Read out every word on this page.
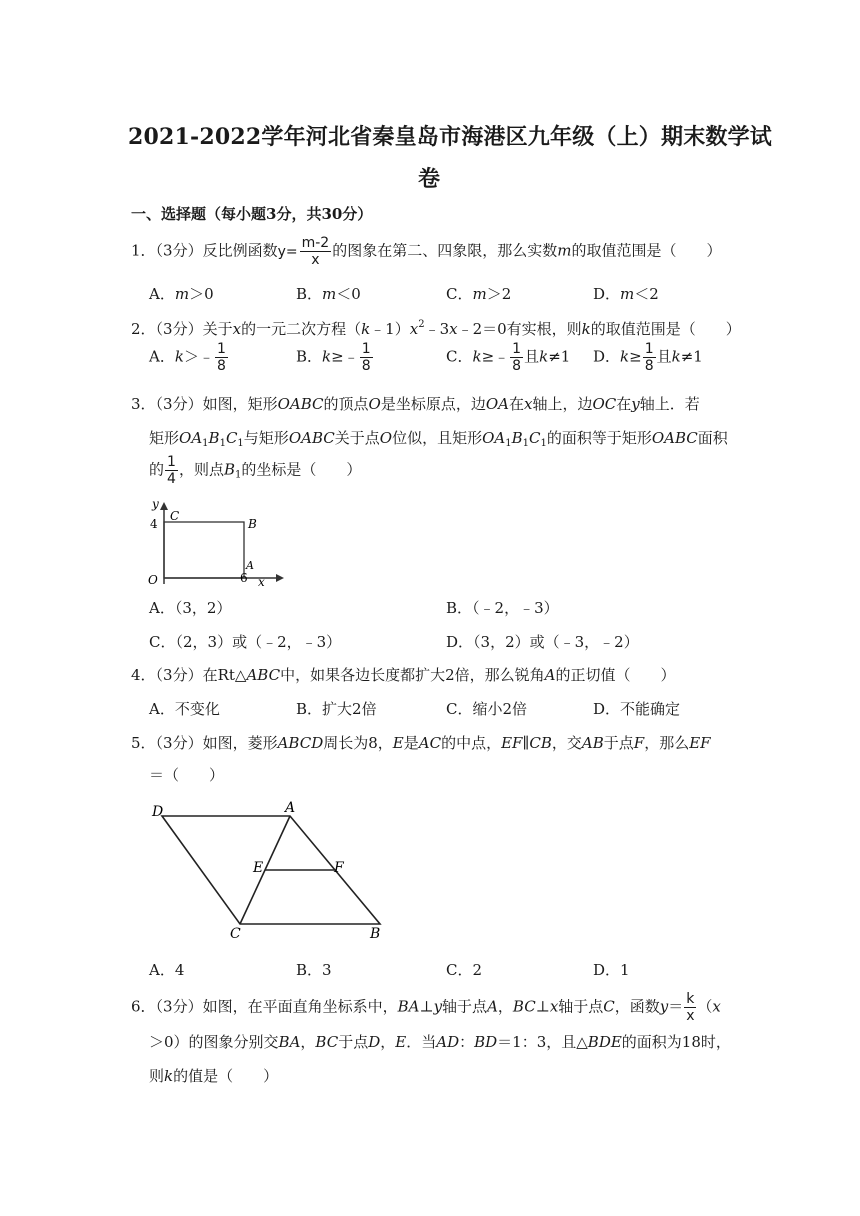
2021-2022学年河北省秦皇岛市海港区九年级（上）期末数学试
卷
一、选择题（每小题3分，共30分）
1．（3分）反比例函数$y= \frac{m-2}{x}$ 的图象在第二、四象限，那么实数m的取值范围是（　　）
A．m＞0	B．m＜0	C．m＞2	D．m＜2
2．（3分）关于x的一元二次方程$(k﹣1)x^2﹣3x﹣2=0$有实根，则k的取值范围是（　　）
A．k＞﹣ $\frac{1}{8}$	B．k≥﹣ $\frac{1}{8}$	C．k≥﹣ $\frac{1}{8}$ 且k≠1 D．$k\ge \frac{1}{8}$ 且k≠1
3．（3分）如图，矩形OABC的顶点O是坐标原点，边OA在x轴上，边OC在y轴上．若
矩形$OA_1B_1C_1$与矩形OABC关于点O位似，且矩形$OA_1B_1C_1$的面积等于矩形OABC面积
的 $\frac{1}{4}$ ，则点$B_1$的坐标是（　　）
y
C
4	B
A
O	6 x
A．（3，2）	B．（﹣2，﹣3）
C．（2，3）或（﹣2，﹣3）	D．（3，2）或（﹣3，﹣2）
4．（3分）在Rt△ABC中，如果各边长度都扩大2倍，那么锐角A的正切值（　　）
A．不变化	B．扩大2倍	C．缩小2倍	D．不能确定
5．（3分）如图，菱形ABCD周长为8，E是AC的中点，EF∥CB，交AB于点F，那么EF
＝（　　）
D	A
E	F
C	B
A．4	B．3	C．2	D．1
6．（3分）如图，在平面直角坐标系中，BA⊥y轴于点A，BC⊥x轴于点C，函数$y= \frac{k}{x} (x$
＞0）的图象分别交BA，BC于点D，E．当AD：BD＝1：3，且△BDE的面积为18时，
则k的值是（　　）
